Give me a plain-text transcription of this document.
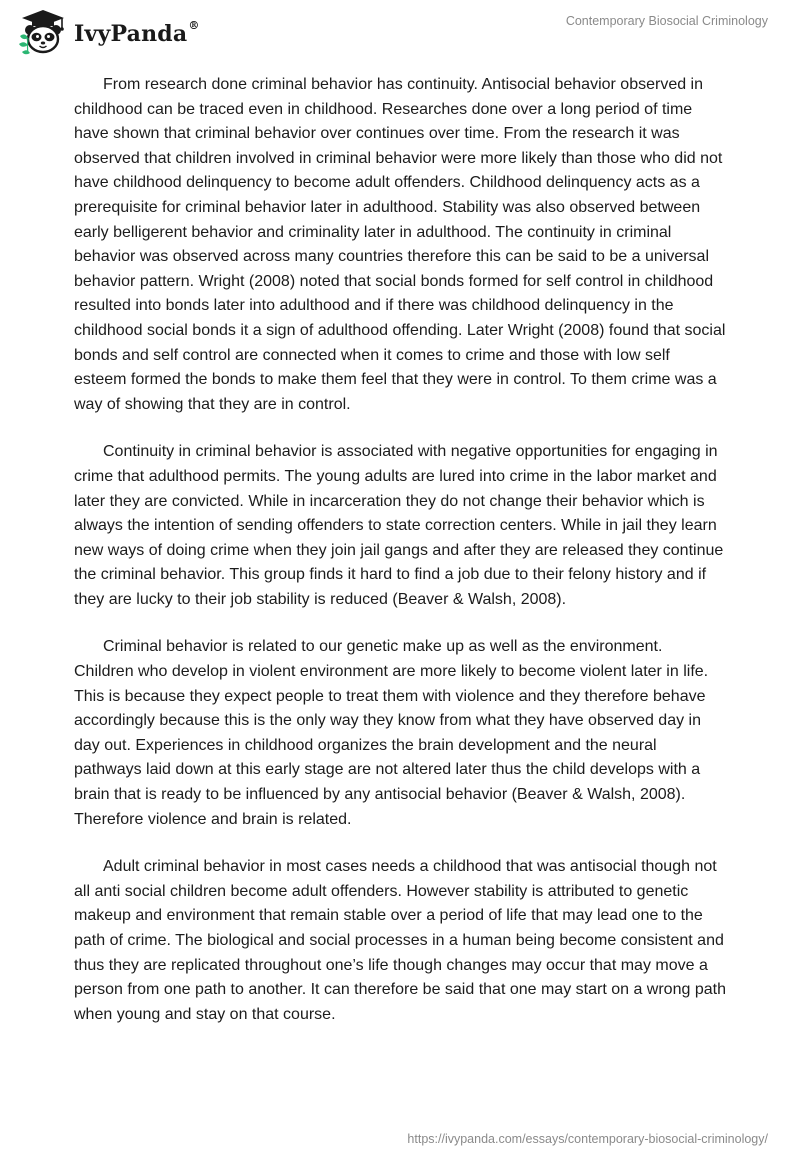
IvyPanda®	Contemporary Biosocial Criminology

From research done criminal behavior has continuity. Antisocial behavior observed in childhood can be traced even in childhood. Researches done over a long period of time have shown that criminal behavior over continues over time. From the research it was observed that children involved in criminal behavior were more likely than those who did not have childhood delinquency to become adult offenders. Childhood delinquency acts as a prerequisite for criminal behavior later in adulthood. Stability was also observed between early belligerent behavior and criminality later in adulthood. The continuity in criminal behavior was observed across many countries therefore this can be said to be a universal behavior pattern. Wright (2008) noted that social bonds formed for self control in childhood resulted into bonds later into adulthood and if there was childhood delinquency in the childhood social bonds it a sign of adulthood offending. Later Wright (2008) found that social bonds and self control are connected when it comes to crime and those with low self esteem formed the bonds to make them feel that they were in control. To them crime was a way of showing that they are in control.

Continuity in criminal behavior is associated with negative opportunities for engaging in crime that adulthood permits. The young adults are lured into crime in the labor market and later they are convicted. While in incarceration they do not change their behavior which is always the intention of sending offenders to state correction centers. While in jail they learn new ways of doing crime when they join jail gangs and after they are released they continue the criminal behavior. This group finds it hard to find a job due to their felony history and if they are lucky to their job stability is reduced (Beaver & Walsh, 2008).

Criminal behavior is related to our genetic make up as well as the environment. Children who develop in violent environment are more likely to become violent later in life. This is because they expect people to treat them with violence and they therefore behave accordingly because this is the only way they know from what they have observed day in day out. Experiences in childhood organizes the brain development and the neural pathways laid down at this early stage are not altered later thus the child develops with a brain that is ready to be influenced by any antisocial behavior (Beaver & Walsh, 2008). Therefore violence and brain is related.

Adult criminal behavior in most cases needs a childhood that was antisocial though not all anti social children become adult offenders. However stability is attributed to genetic makeup and environment that remain stable over a period of life that may lead one to the path of crime. The biological and social processes in a human being become consistent and thus they are replicated throughout one’s life though changes may occur that may move a person from one path to another. It can therefore be said that one may start on a wrong path when young and stay on that course.

https://ivypanda.com/essays/contemporary-biosocial-criminology/
